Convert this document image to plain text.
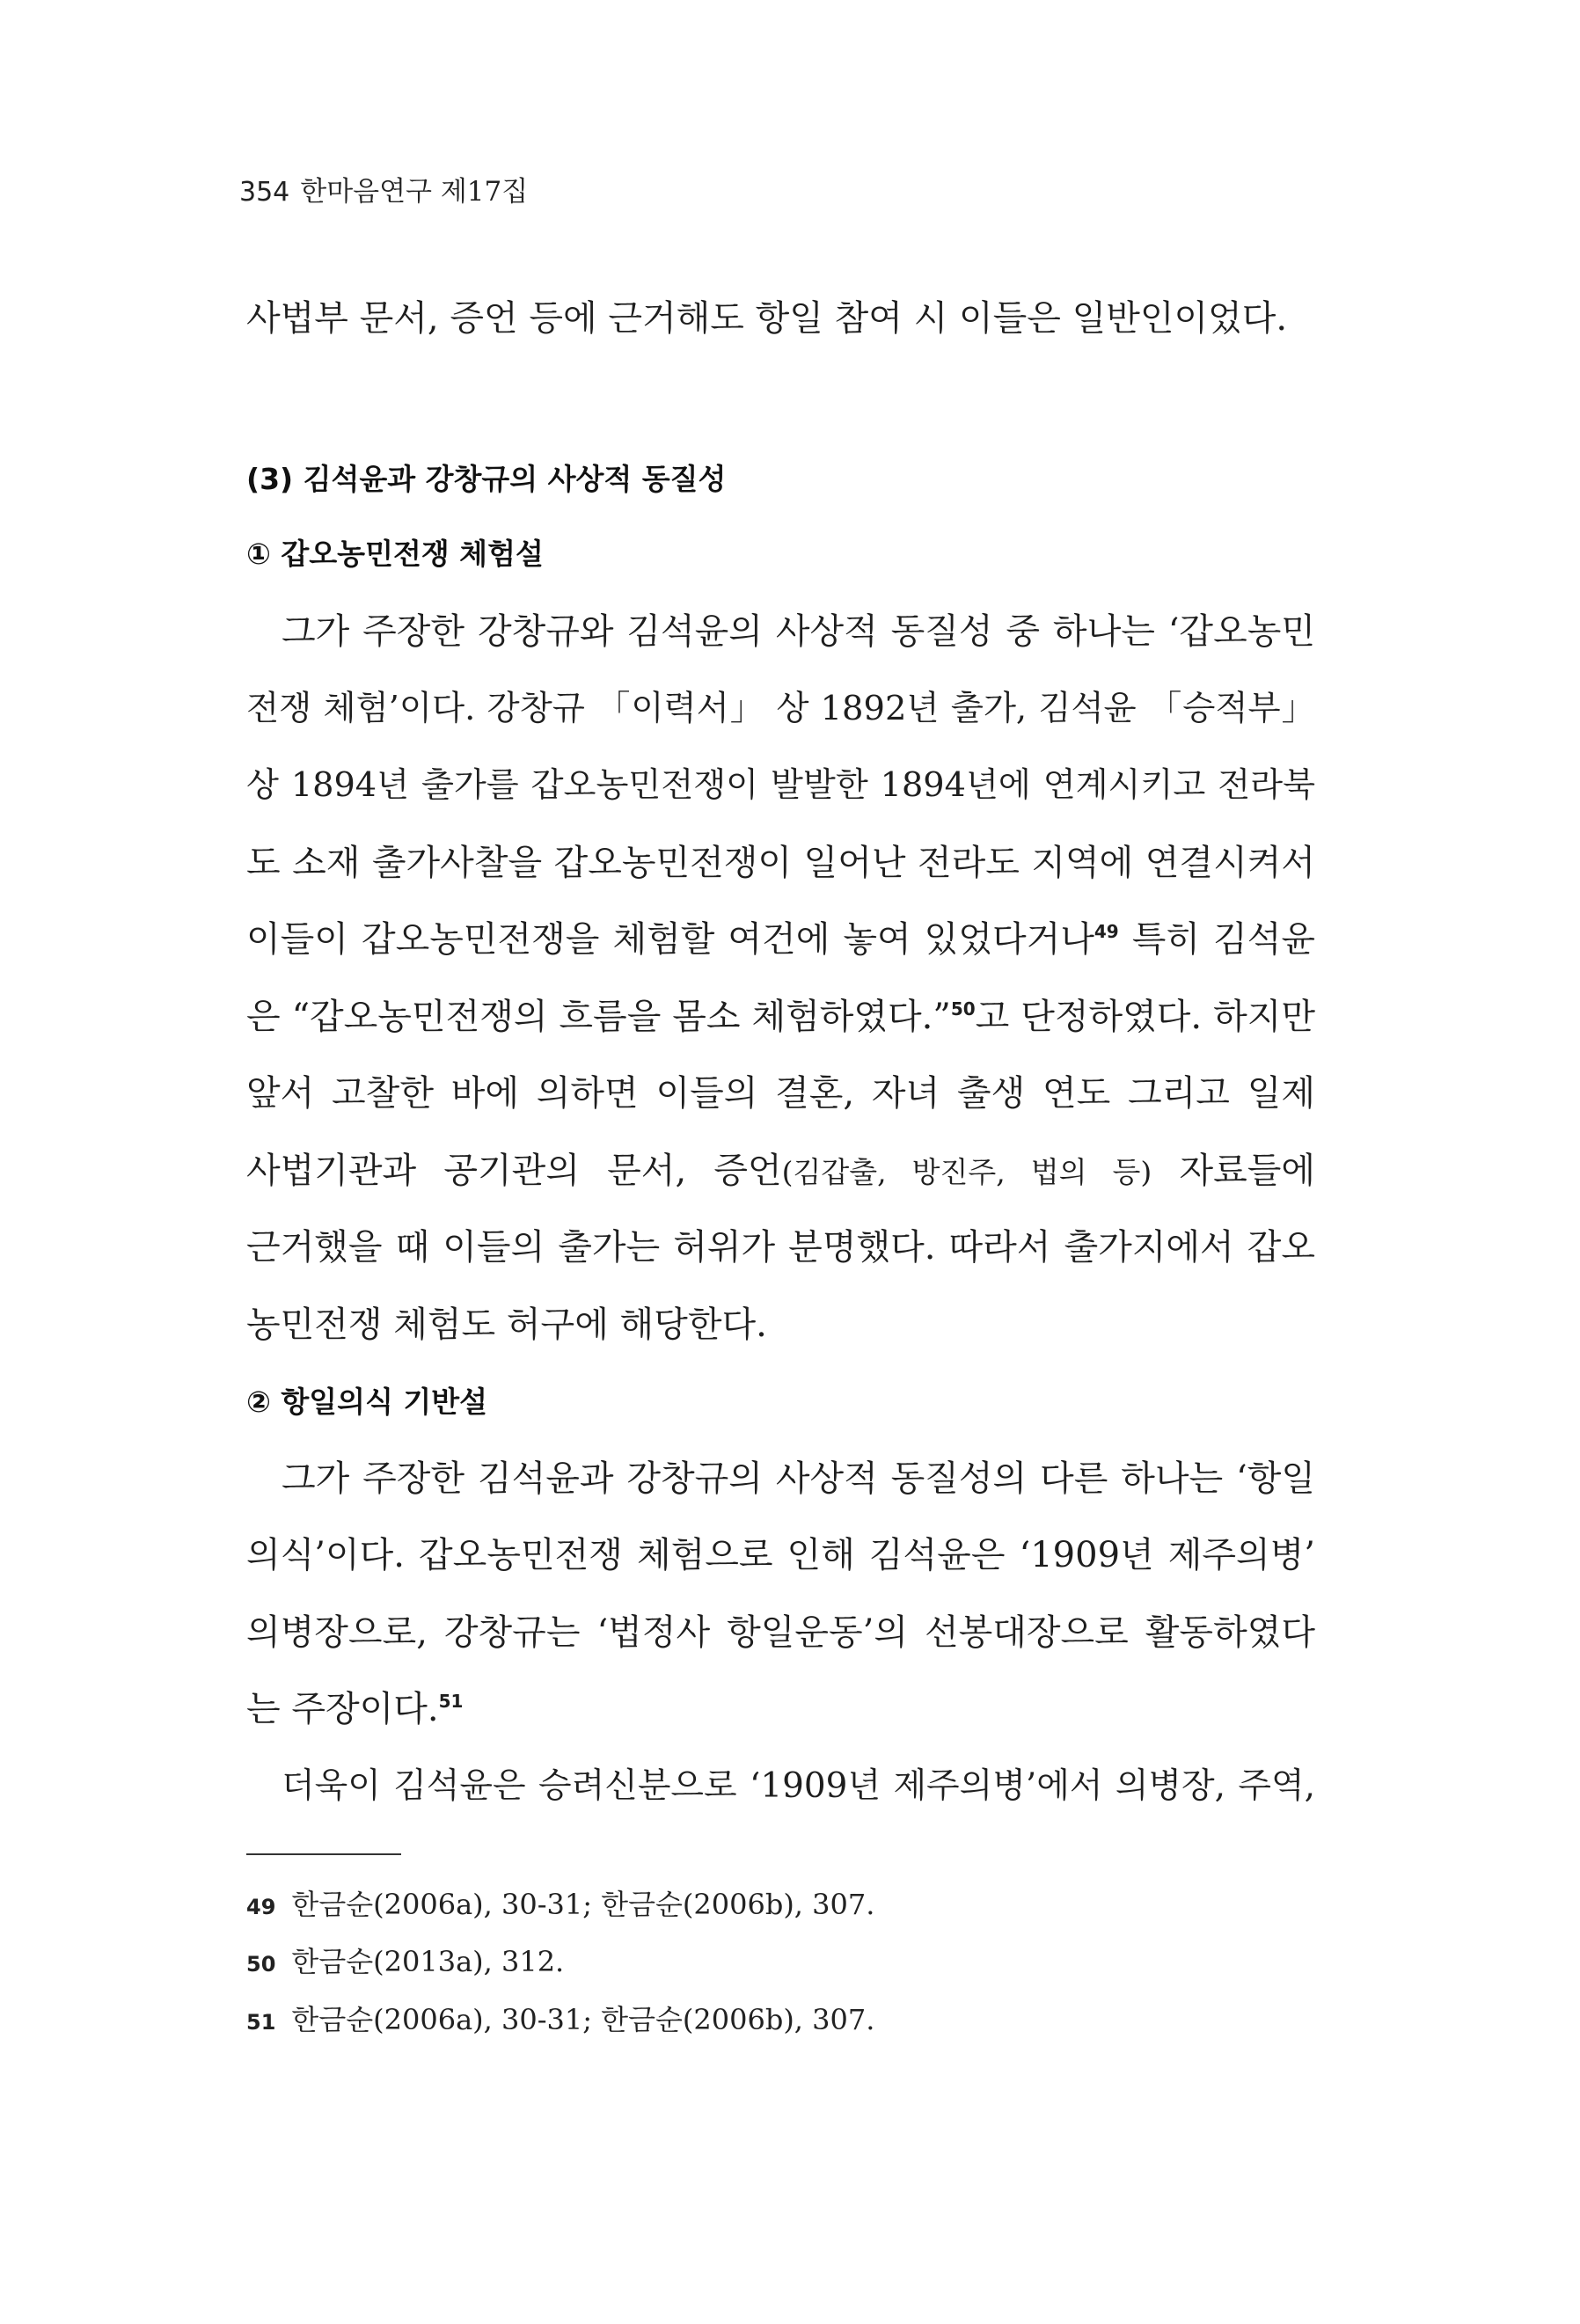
354 한마음연구 제17집
사법부 문서, 증언 등에 근거해도 항일 참여 시 이들은 일반인이었다.
(3) 김석윤과 강창규의 사상적 동질성
① 갑오농민전쟁 체험설
그가 주장한 강창규와 김석윤의 사상적 동질성 중 하나는 ‘갑오농민
전쟁 체험’이다. 강창규 「이력서」 상 1892년 출가, 김석윤 「승적부」
상 1894년 출가를 갑오농민전쟁이 발발한 1894년에 연계시키고 전라북
도 소재 출가사찰을 갑오농민전쟁이 일어난 전라도 지역에 연결시켜서
이들이 갑오농민전쟁을 체험할 여건에 놓여 있었다거나$^{49}$ 특히 김석윤
은 “갑오농민전쟁의 흐름을 몸소 체험하였다.”$^{50}$고 단정하였다. 하지만
앞서 고찰한 바에 의하면 이들의 결혼, 자녀 출생 연도 그리고 일제
사법기관과 공기관의 문서, 증언(김갑출, 방진주, 법의 등) 자료들에
근거했을 때 이들의 출가는 허위가 분명했다. 따라서 출가지에서 갑오
농민전쟁 체험도 허구에 해당한다.
② 항일의식 기반설
그가 주장한 김석윤과 강창규의 사상적 동질성의 다른 하나는 ‘항일
의식’이다. 갑오농민전쟁 체험으로 인해 김석윤은 ‘1909년 제주의병’
의병장으로, 강창규는 ‘법정사 항일운동’의 선봉대장으로 활동하였다
는 주장이다.$^{51}$
더욱이 김석윤은 승려신분으로 ‘1909년 제주의병’에서 의병장, 주역,
49 한금순(2006a), 30-31; 한금순(2006b), 307.
50 한금순(2013a), 312.
51 한금순(2006a), 30-31; 한금순(2006b), 307.
